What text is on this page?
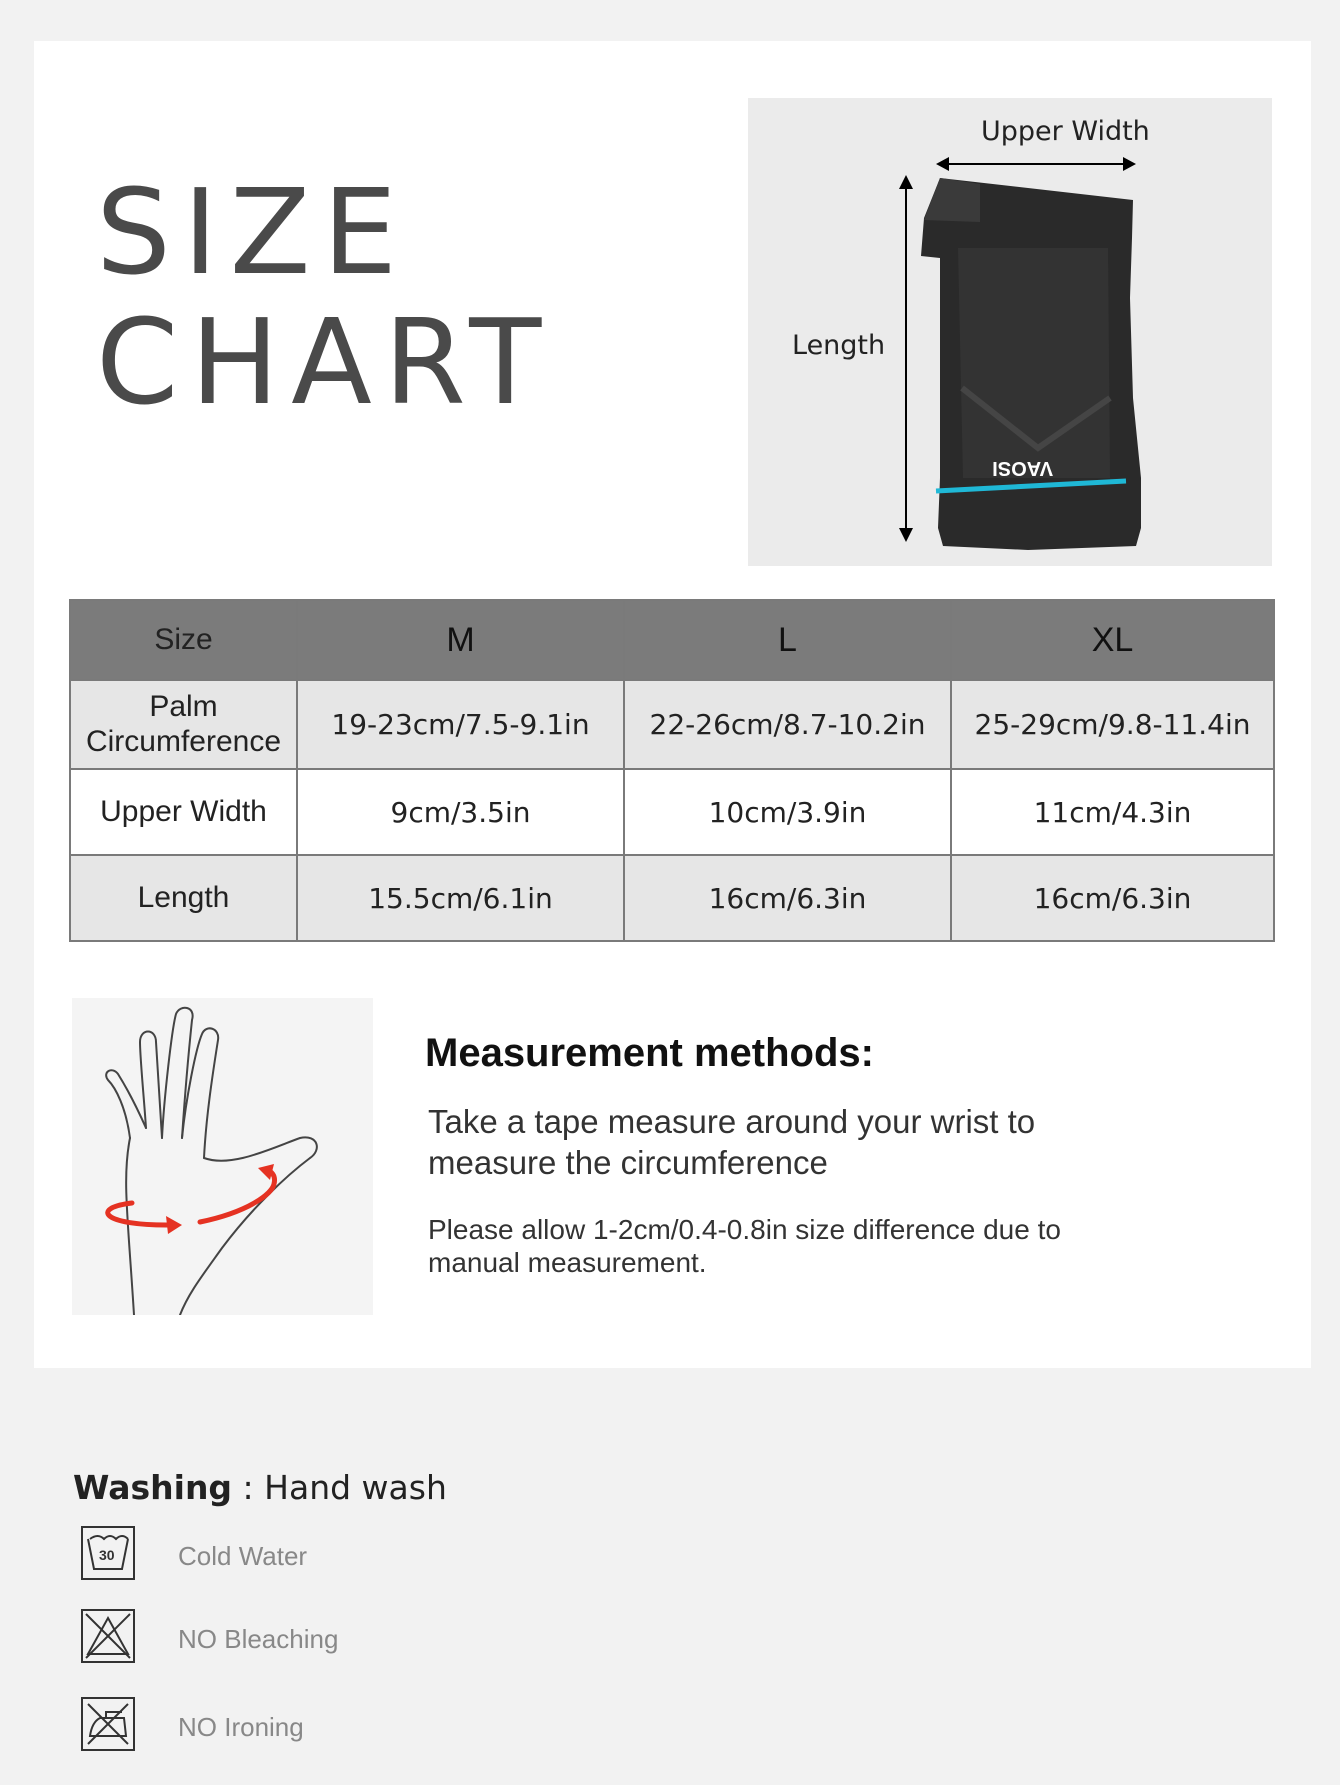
SIZE
CHART
Upper Width
Length
VAOSI
Size	M	L	XL
Palm
Circumference	19-23cm/7.5-9.1in	22-26cm/8.7-10.2in	25-29cm/9.8-11.4in
Upper Width	9cm/3.5in	10cm/3.9in	11cm/4.3in
Length	15.5cm/6.1in	16cm/6.3in	16cm/6.3in
Measurement methods:

Take a tape measure around your wrist to measure the circumference

Please allow 1-2cm/0.4-0.8in size difference due to manual measurement.

Washing : Hand wash
30 Cold Water
NO Bleaching
NO Ironing
